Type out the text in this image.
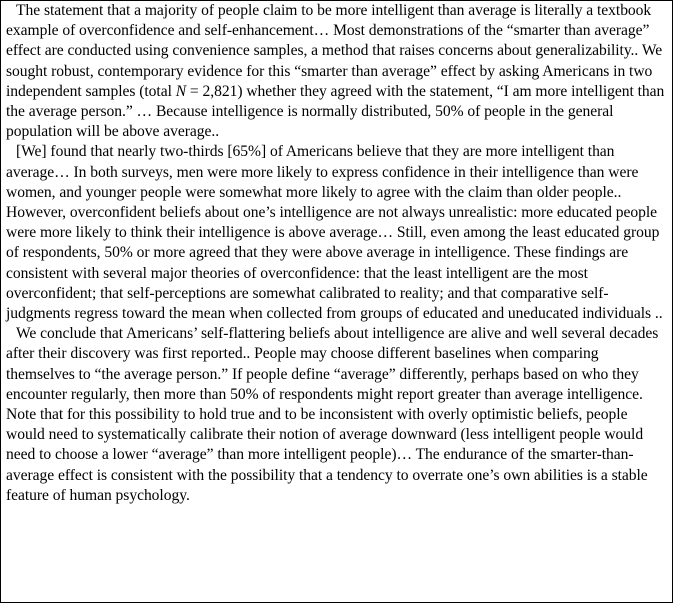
The statement that a majority of people claim to be more intelligent than average is literally a textbook example of overconfidence and self-enhancement… Most demonstrations of the “smarter than average” effect are conducted using convenience samples, a method that raises concerns about generalizability.. We sought robust, contemporary evidence for this “smarter than average” effect by asking Americans in two independent samples (total N = 2,821) whether they agreed with the statement, “I am more intelligent than the average person.” … Because intelligence is normally distributed, 50% of people in the general population will be above average..

[We] found that nearly two-thirds [65%] of Americans believe that they are more intelligent than average… In both surveys, men were more likely to express confidence in their intelligence than were women, and younger people were somewhat more likely to agree with the claim than older people.. However, overconfident beliefs about one’s intelligence are not always unrealistic: more educated people were more likely to think their intelligence is above average… Still, even among the least educated group of respondents, 50% or more agreed that they were above average in intelligence. These findings are consistent with several major theories of overconfidence: that the least intelligent are the most overconfident; that self-perceptions are somewhat calibrated to reality; and that comparative self-judgments regress toward the mean when collected from groups of educated and uneducated individuals ..

We conclude that Americans’ self-flattering beliefs about intelligence are alive and well several decades after their discovery was first reported.. People may choose different baselines when comparing themselves to “the average person.” If people define “average” differently, perhaps based on who they encounter regularly, then more than 50% of respondents might report greater than average intelligence. Note that for this possibility to hold true and to be inconsistent with overly optimistic beliefs, people would need to systematically calibrate their notion of average downward (less intelligent people would need to choose a lower “average” than more intelligent people)… The endurance of the smarter-than-average effect is consistent with the possibility that a tendency to overrate one’s own abilities is a stable feature of human psychology.
